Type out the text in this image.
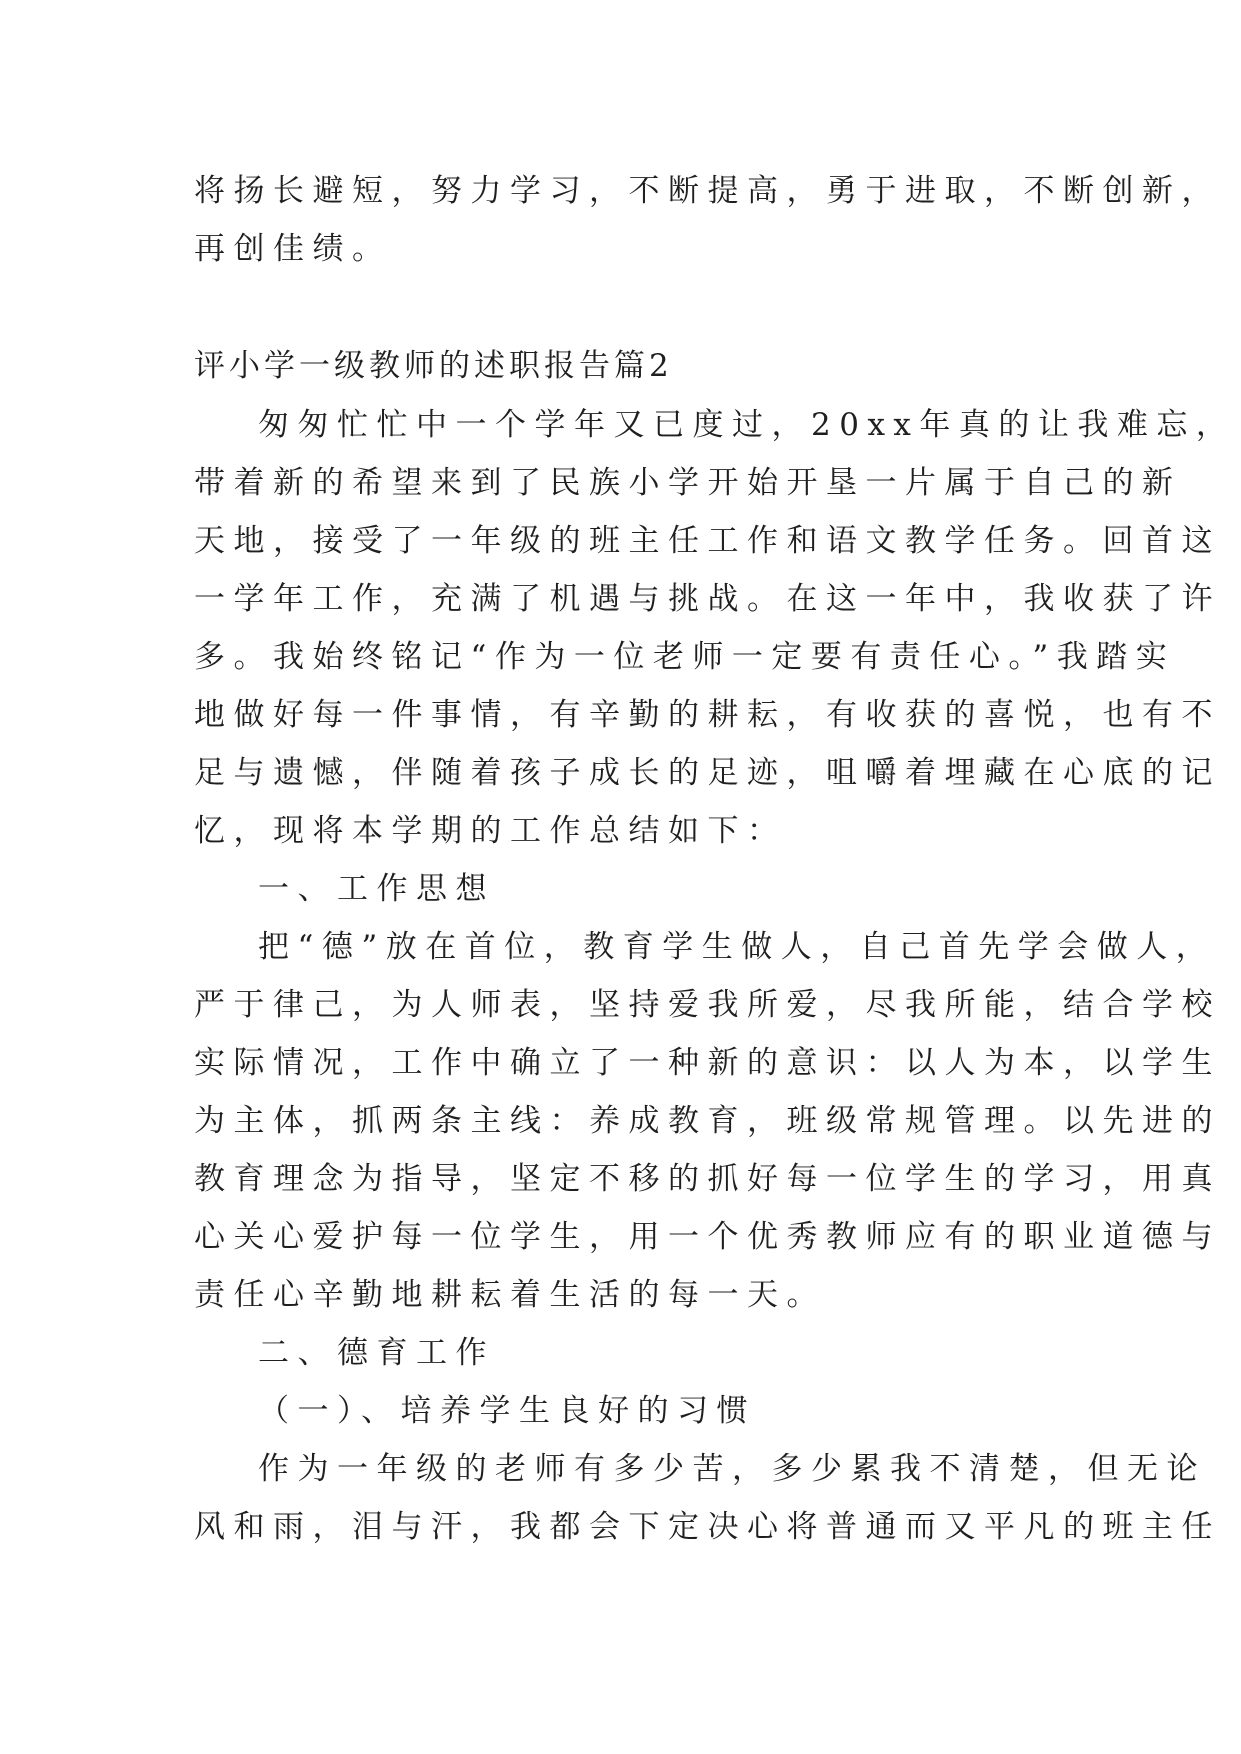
将扬长避短，努力学习，不断提高，勇于进取，不断创新，
再创佳绩。
评小学一级教师的述职报告篇2
匆匆忙忙中一个学年又已度过，20xx年真的让我难忘，
带着新的希望来到了民族小学开始开垦一片属于自己的新
天地，接受了一年级的班主任工作和语文教学任务。回首这
一学年工作，充满了机遇与挑战。在这一年中，我收获了许
多。我始终铭记“作为一位老师一定要有责任心。”我踏实
地做好每一件事情，有辛勤的耕耘，有收获的喜悦，也有不
足与遗憾，伴随着孩子成长的足迹，咀嚼着埋藏在心底的记
忆，现将本学期的工作总结如下：
一、工作思想
把“德”放在首位，教育学生做人，自己首先学会做人，
严于律己，为人师表，坚持爱我所爱，尽我所能，结合学校
实际情况，工作中确立了一种新的意识：以人为本，以学生
为主体，抓两条主线：养成教育，班级常规管理。以先进的
教育理念为指导，坚定不移的抓好每一位学生的学习，用真
心关心爱护每一位学生，用一个优秀教师应有的职业道德与
责任心辛勤地耕耘着生活的每一天。
二、德育工作
（一）、培养学生良好的习惯
作为一年级的老师有多少苦，多少累我不清楚，但无论
风和雨，泪与汗，我都会下定决心将普通而又平凡的班主任
